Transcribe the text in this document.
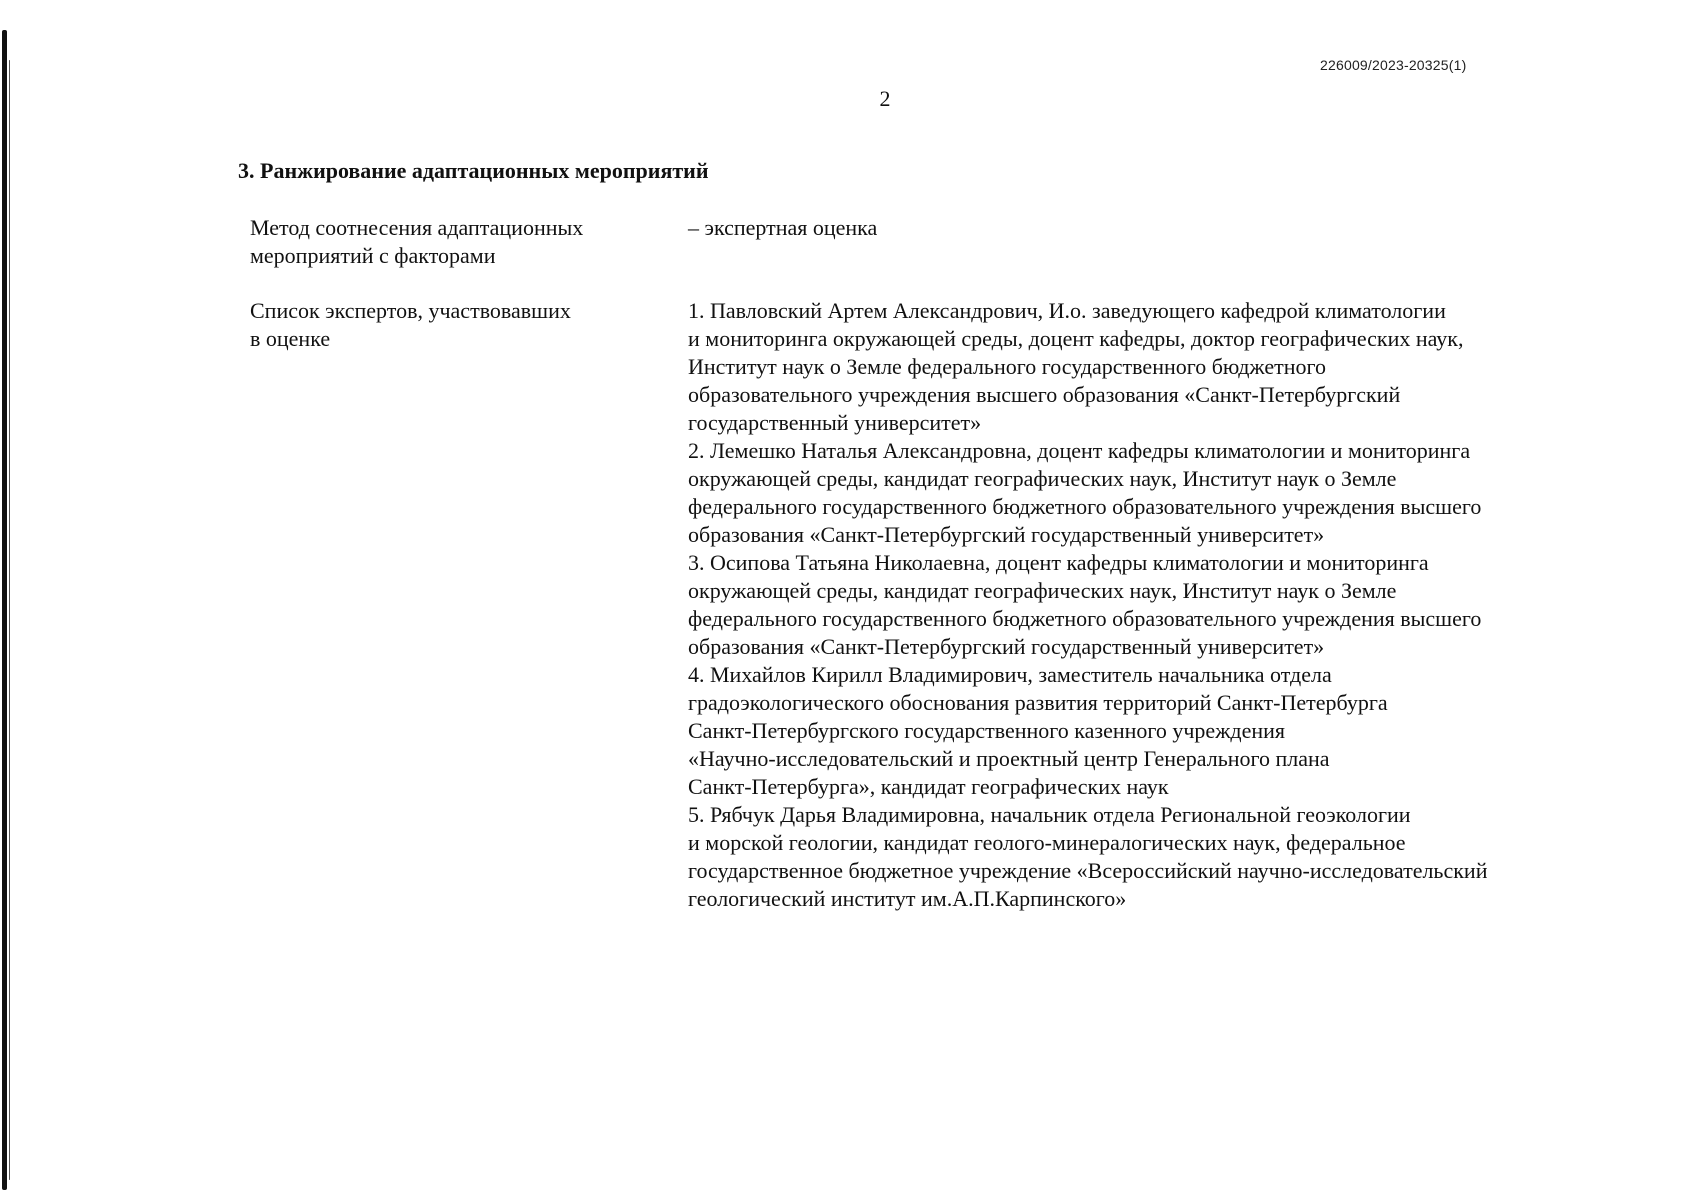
226009/2023-20325(1)
2
3. Ранжирование адаптационных мероприятий
Метод соотнесения адаптационных
мероприятий с факторами
– экспертная оценка
Список экспертов, участвовавших
в оценке
1. Павловский Артем Александрович, И.о. заведующего кафедрой климатологии
и мониторинга окружающей среды, доцент кафедры, доктор географических наук,
Институт наук о Земле федерального государственного бюджетного
образовательного учреждения высшего образования «Санкт-Петербургский
государственный университет»
2. Лемешко Наталья Александровна, доцент кафедры климатологии и мониторинга
окружающей среды, кандидат географических наук, Институт наук о Земле
федерального государственного бюджетного образовательного учреждения высшего
образования «Санкт-Петербургский государственный университет»
3. Осипова Татьяна Николаевна, доцент кафедры климатологии и мониторинга
окружающей среды, кандидат географических наук, Институт наук о Земле
федерального государственного бюджетного образовательного учреждения высшего
образования «Санкт-Петербургский государственный университет»
4. Михайлов Кирилл Владимирович, заместитель начальника отдела
градоэкологического обоснования развития территорий Санкт-Петербурга
Санкт-Петербургского государственного казенного учреждения
«Научно-исследовательский и проектный центр Генерального плана
Санкт-Петербурга», кандидат географических наук
5. Рябчук Дарья Владимировна, начальник отдела Региональной геоэкологии
и морской геологии, кандидат геолого-минералогических наук, федеральное
государственное бюджетное учреждение «Всероссийский научно-исследовательский
геологический институт им.А.П.Карпинского»
